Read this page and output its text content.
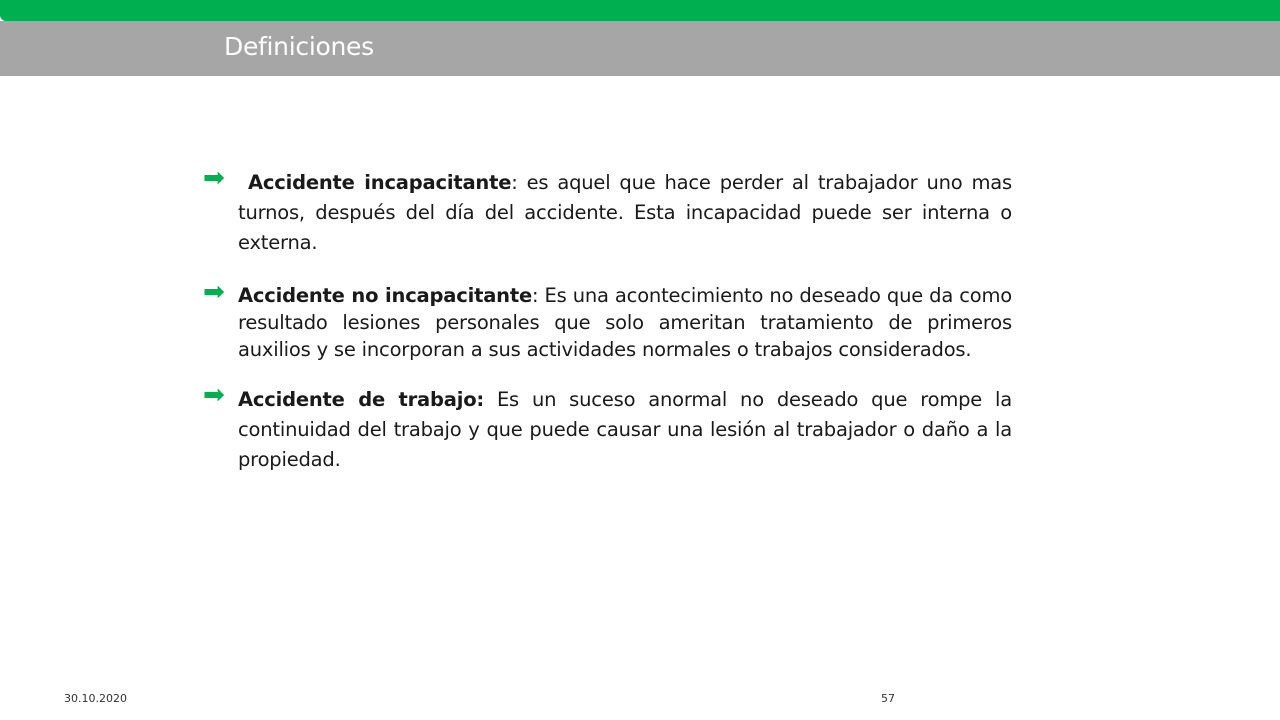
Definiciones
➡ Accidente incapacitante: es aquel que hace perder al trabajador uno mas turnos, después del día del accidente. Esta incapacidad puede ser interna o externa.
➡ Accidente no incapacitante: Es una acontecimiento no deseado que da como resultado lesiones personales que solo ameritan tratamiento de primeros auxilios y se incorporan a sus actividades normales o trabajos considerados.
➡ Accidente de trabajo: Es un suceso anormal no deseado que rompe la continuidad del trabajo y que puede causar una lesión al trabajador o daño a la propiedad.
30.10.2020	57
